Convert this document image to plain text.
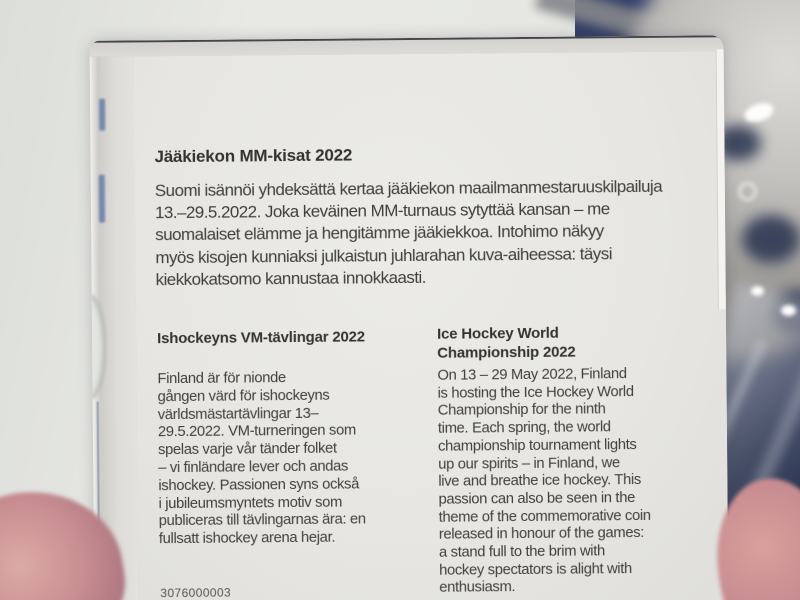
Jääkiekon MM-kisat 2022
Suomi isännöi yhdeksättä kertaa jääkiekon maailmanmestaruuskilpailuja
13.–29.5.2022. Joka keväinen MM-turnaus sytyttää kansan – me
suomalaiset elämme ja hengitämme jääkiekkoa. Intohimo näkyy
myös kisojen kunniaksi julkaistun juhlarahan kuva-aiheessa: täysi
kiekkokatsomo kannustaa innokkaasti.
Ishockeyns VM-tävlingar 2022
Finland är för nionde
gången värd för ishockeyns
världsmästartävlingar 13–
29.5.2022. VM-turneringen som
spelas varje vår tänder folket
– vi finländare lever och andas
ishockey. Passionen syns också
i jubileumsmyntets motiv som
publiceras till tävlingarnas ära: en
fullsatt ishockey arena hejar.
Ice Hockey World
Championship 2022
On 13 – 29 May 2022, Finland
is hosting the Ice Hockey World
Championship for the ninth
time. Each spring, the world
championship tournament lights
up our spirits – in Finland, we
live and breathe ice hockey. This
passion can also be seen in the
theme of the commemorative coin
released in honour of the games:
a stand full to the brim with
hockey spectators is alight with
enthusiasm.
3076000003
